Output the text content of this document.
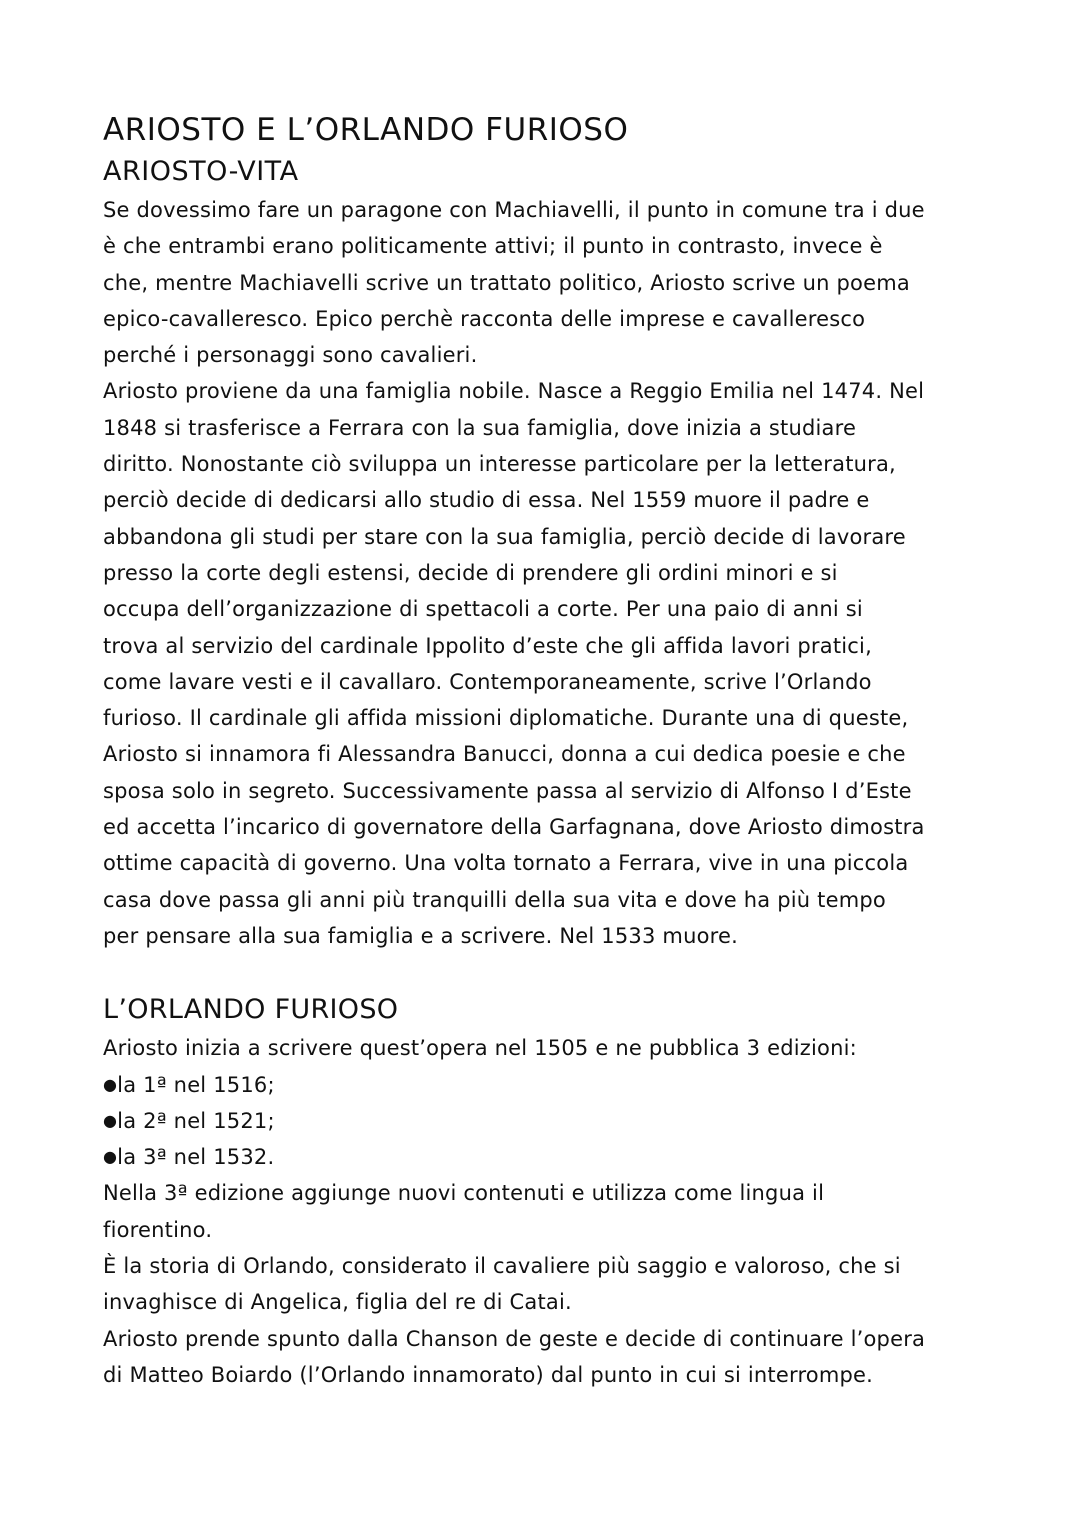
ARIOSTO E L’ORLANDO FURIOSO
ARIOSTO-VITA
Se dovessimo fare un paragone con Machiavelli, il punto in comune tra i due
è che entrambi erano politicamente attivi; il punto in contrasto, invece è
che, mentre Machiavelli scrive un trattato politico, Ariosto scrive un poema
epico-cavalleresco. Epico perchè racconta delle imprese e cavalleresco
perché i personaggi sono cavalieri.
Ariosto proviene da una famiglia nobile. Nasce a Reggio Emilia nel 1474. Nel
1848 si trasferisce a Ferrara con la sua famiglia, dove inizia a studiare
diritto. Nonostante ciò sviluppa un interesse particolare per la letteratura,
perciò decide di dedicarsi allo studio di essa. Nel 1559 muore il padre e
abbandona gli studi per stare con la sua famiglia, perciò decide di lavorare
presso la corte degli estensi, decide di prendere gli ordini minori e si
occupa dell’organizzazione di spettacoli a corte. Per una paio di anni si
trova al servizio del cardinale Ippolito d’este che gli affida lavori pratici,
come lavare vesti e il cavallaro. Contemporaneamente, scrive l’Orlando
furioso. Il cardinale gli affida missioni diplomatiche. Durante una di queste,
Ariosto si innamora fi Alessandra Banucci, donna a cui dedica poesie e che
sposa solo in segreto. Successivamente passa al servizio di Alfonso I d’Este
ed accetta l’incarico di governatore della Garfagnana, dove Ariosto dimostra
ottime capacità di governo. Una volta tornato a Ferrara, vive in una piccola
casa dove passa gli anni più tranquilli della sua vita e dove ha più tempo
per pensare alla sua famiglia e a scrivere. Nel 1533 muore.
L’ORLANDO FURIOSO
Ariosto inizia a scrivere quest’opera nel 1505 e ne pubblica 3 edizioni:
●la 1ª nel 1516;
●la 2ª nel 1521;
●la 3ª nel 1532.
Nella 3ª edizione aggiunge nuovi contenuti e utilizza come lingua il
fiorentino.
È la storia di Orlando, considerato il cavaliere più saggio e valoroso, che si
invaghisce di Angelica, figlia del re di Catai.
Ariosto prende spunto dalla Chanson de geste e decide di continuare l’opera
di Matteo Boiardo (l’Orlando innamorato) dal punto in cui si interrompe.
